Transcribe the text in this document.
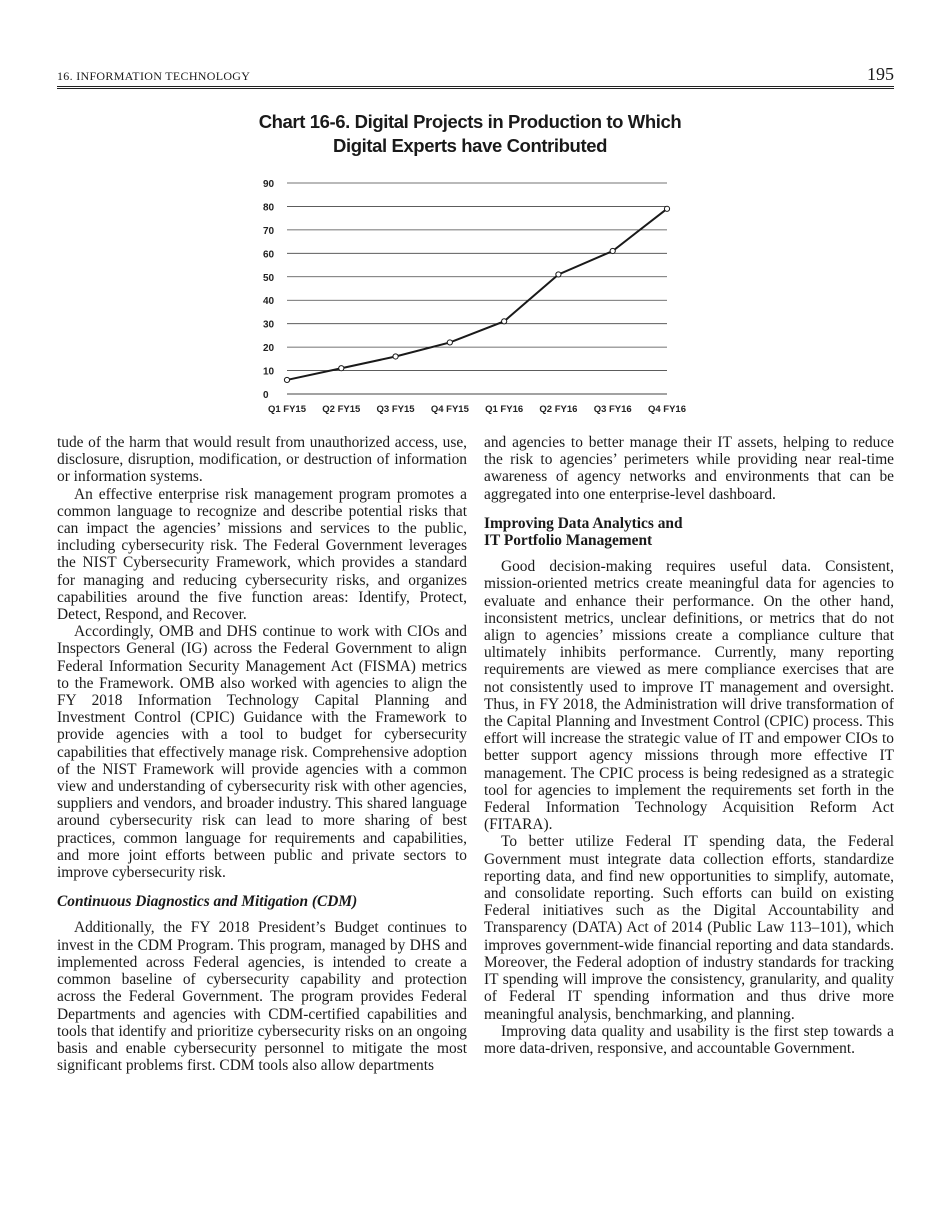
16. INFORMATION TECHNOLOGY	195
Chart 16-6. Digital Projects in Production to Which
Digital Experts have Contributed
0
10
20
30
40
50
60
70
80
90
Q1 FY15 Q2 FY15 Q3 FY15 Q4 FY15 Q1 FY16 Q2 FY16 Q3 FY16 Q4 FY16

tude of the harm that would result from unauthorized access, use, disclosure, disruption, modification, or destruction of information or information systems.

An effective enterprise risk management program promotes a common language to recognize and describe potential risks that can impact the agencies’ missions and services to the public, including cybersecurity risk. The Federal Government leverages the NIST Cybersecurity Framework, which provides a standard for managing and reducing cybersecurity risks, and organizes capabilities around the five function areas: Identify, Protect, Detect, Respond, and Recover.

Accordingly, OMB and DHS continue to work with CIOs and Inspectors General (IG) across the Federal Government to align Federal Information Security Management Act (FISMA) metrics to the Framework. OMB also worked with agencies to align the FY 2018 Information Technology Capital Planning and Investment Control (CPIC) Guidance with the Framework to provide agencies with a tool to budget for cybersecurity capabilities that effectively manage risk. Comprehensive adoption of the NIST Framework will provide agencies with a common view and understanding of cybersecurity risk with other agencies, suppliers and vendors, and broader industry. This shared language around cybersecurity risk can lead to more sharing of best practices, common language for requirements and capabilities, and more joint efforts between public and private sectors to improve cybersecurity risk.

Continuous Diagnostics and Mitigation (CDM)

Additionally, the FY 2018 President’s Budget continues to invest in the CDM Program. This program, managed by DHS and implemented across Federal agencies, is intended to create a common baseline of cybersecurity capability and protection across the Federal Government. The program provides Federal Departments and agencies with CDM-certified capabilities and tools that identify and prioritize cybersecurity risks on an ongoing basis and enable cybersecurity personnel to mitigate the most significant problems first. CDM tools also allow departments

and agencies to better manage their IT assets, helping to reduce the risk to agencies’ perimeters while providing near real-time awareness of agency networks and environments that can be aggregated into one enterprise-level dashboard.

Improving Data Analytics and
IT Portfolio Management

Good decision-making requires useful data. Consistent, mission-oriented metrics create meaningful data for agencies to evaluate and enhance their performance. On the other hand, inconsistent metrics, unclear definitions, or metrics that do not align to agencies’ missions create a compliance culture that ultimately inhibits performance. Currently, many reporting requirements are viewed as mere compliance exercises that are not consistently used to improve IT management and oversight. Thus, in FY 2018, the Administration will drive transformation of the Capital Planning and Investment Control (CPIC) process. This effort will increase the strategic value of IT and empower CIOs to better support agency missions through more effective IT management. The CPIC process is being redesigned as a strategic tool for agencies to implement the requirements set forth in the Federal Information Technology Acquisition Reform Act (FITARA).

To better utilize Federal IT spending data, the Federal Government must integrate data collection efforts, standardize reporting data, and find new opportunities to simplify, automate, and consolidate reporting. Such efforts can build on existing Federal initiatives such as the Digital Accountability and Transparency (DATA) Act of 2014 (Public Law 113–101), which improves government-wide financial reporting and data standards. Moreover, the Federal adoption of industry standards for tracking IT spending will improve the consistency, granularity, and quality of Federal IT spending information and thus drive more meaningful analysis, benchmarking, and planning.

Improving data quality and usability is the first step towards a more data-driven, responsive, and accountable Government.
